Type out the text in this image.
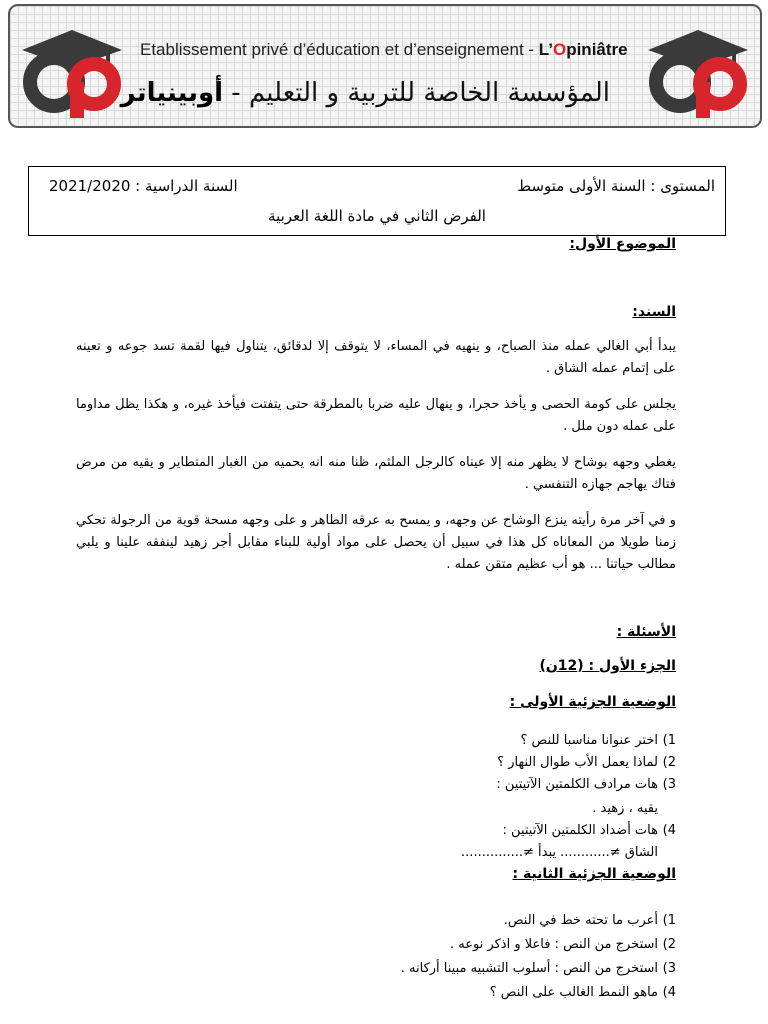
Etablissement privé d’éducation et d’enseignement - L’Opiniâtre
المؤسسة الخاصة للتربية و التعليم - أوبينياتر
المستوى : السنة الأولى متوسط
السنة الدراسية : 2021/2020
الفرض الثاني في مادة اللغة العربية
الموضوع الأول:
السند:
يبدأ أبي الغالي عمله منذ الصباح، و ينهيه في المساء، لا يتوقف إلا لدقائق، يتناول فيها لقمة تسد جوعه و تعينه على إتمام عمله الشاق .
يجلس على كومة الحصى و يأخذ حجرا، و ينهال عليه ضربا بالمطرقة حتى يتفتت فيأخذ غيره، و هكذا يظل مداوما على عمله دون ملل .
يغطي وجهه بوشاح لا يظهر منه إلا عيناه كالرجل الملثم، ظنا منه انه يحميه من الغبار المتطاير و يقيه من مرض فتاك يهاجم جهازه التنفسي .
و في آخر مرة رأيته ينزع الوشاح عن وجهه، و يمسح به عرقه الطاهر و على وجهه مسحة قوية من الرجولة تحكي زمنا طويلا من المعاناه كل هذا في سبيل أن يحصل على مواد أولية للبناء مقابل أجر زهيد لينفقه علينا و يلبي مطالب حياتنا ... هو أب عظيم متقن عمله .
الأسئلة :
الجزء الأول : (12ن)
الوضعية الجزئية الأولى :
1)اختر عنوانا مناسبا للنص ؟
2)لماذا يعمل الأب طوال النهار ؟
3)هات مرادف الكلمتين الآتيتين :
يقيه ، زهيد .
4)هات أضداد الكلمتين الآتيتين :
الشاق ≠............ يبدأ ≠...............
الوضعية الجزئية الثانية :
1)أعرب ما تحته خط في النص.
2)استخرج من النص : فاعلا و اذكر نوعه .
3)استخرج من النص : أسلوب التشبيه مبينا أركانه .
4)ماهو النمط الغالب على النص ؟
